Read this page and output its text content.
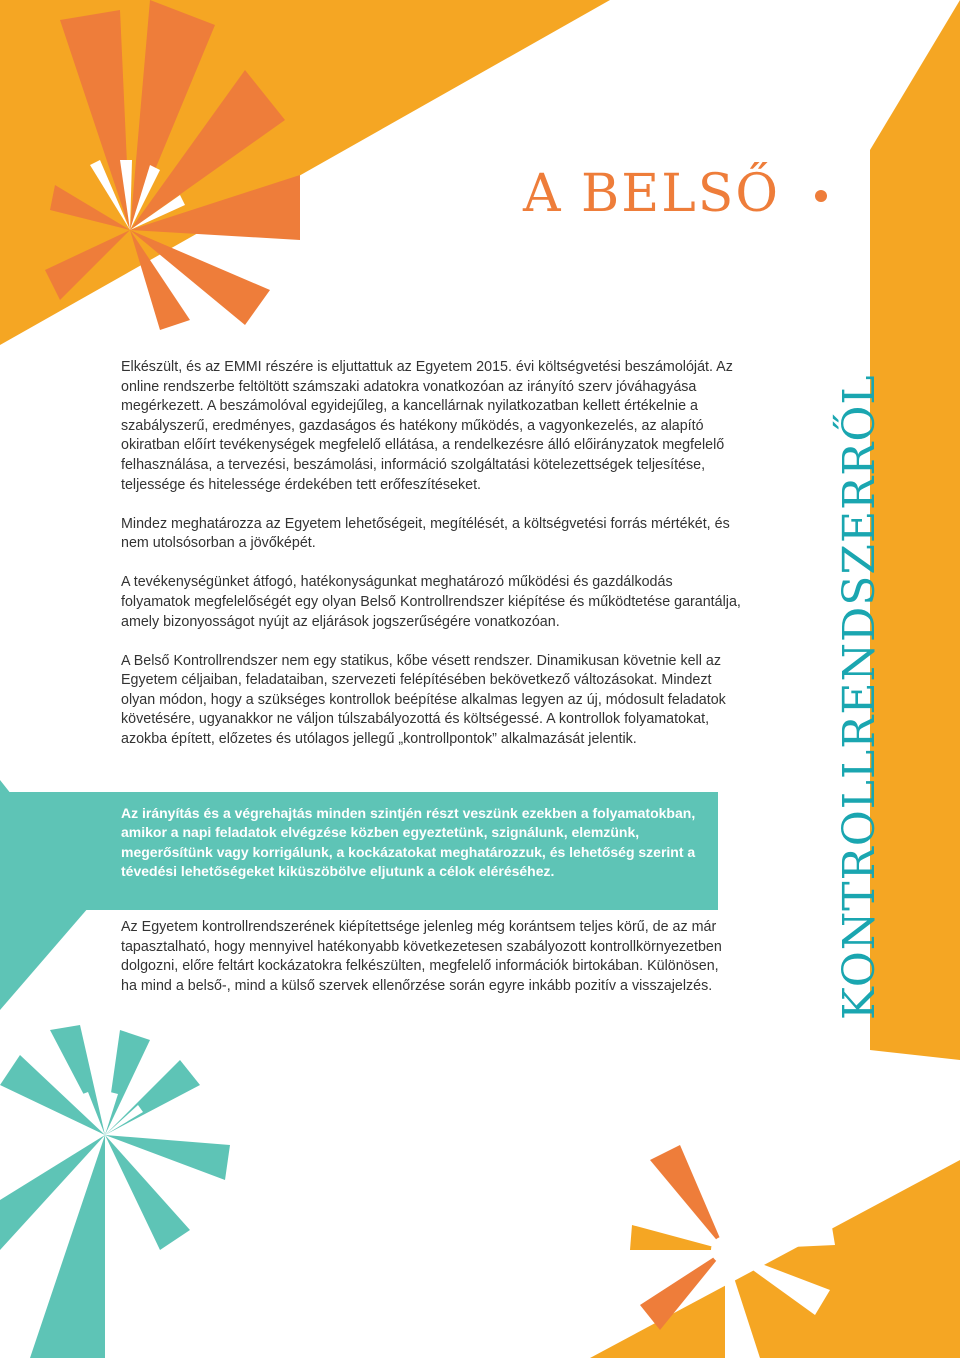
A BELSŐ
KONTROLLRENDSZERRŐL

Elkészült, és az EMMI részére is eljuttattuk az Egyetem 2015. évi költségvetési beszámolóját. Az online rendszerbe feltöltött számszaki adatokra vonatkozóan az irányító szerv jóváhagyása megérkezett. A beszámolóval egyidejűleg, a kancellárnak nyilatkozatban kellett értékelnie a szabályszerű, eredményes, gazdaságos és hatékony működés, a vagyonkezelés, az alapító okiratban előírt tevékenységek megfelelő ellátása, a rendelkezésre álló előirányzatok megfelelő felhasználása, a tervezési, beszámolási, információ szolgáltatási kötelezettségek teljesítése, teljessége és hitelessége érdekében tett erőfeszítéseket.

Mindez meghatározza az Egyetem lehetőségeit, megítélését, a költségvetési forrás mértékét, és nem utolsósorban a jövőképét.

A tevékenységünket átfogó, hatékonyságunkat meghatározó működési és gazdálkodás folyamatok megfelelőségét egy olyan Belső Kontrollrendszer kiépítése és működtetése garantálja, amely bizonyosságot nyújt az eljárások jogszerűségére vonatkozóan.

A Belső Kontrollrendszer nem egy statikus, kőbe vésett rendszer. Dinamikusan követnie kell az Egyetem céljaiban, feladataiban, szervezeti felépítésében bekövetkező változásokat. Mindezt olyan módon, hogy a szükséges kontrollok beépítése alkalmas legyen az új, módosult feladatok követésére, ugyanakkor ne váljon túlszabályozottá és költségessé. A kontrollok folyamatokat, azokba épített, előzetes és utólagos jellegű „kontrollpontok” alkalmazását jelentik.

Az irányítás és a végrehajtás minden szintjén részt veszünk ezekben a folyamatokban, amikor a napi feladatok elvégzése közben egyeztetünk, szignálunk, elemzünk, megerősítünk vagy korrigálunk, a kockázatokat meghatározzuk, és lehetőség szerint a tévedési lehetőségeket kiküszöbölve eljutunk a célok eléréséhez.

Az Egyetem kontrollrendszerének kiépítettsége jelenleg még korántsem teljes körű, de az már tapasztalható, hogy mennyivel hatékonyabb következetesen szabályozott kontrollkörnyezetben dolgozni, előre feltárt kockázatokra felkészülten, megfelelő információk birtokában. Különösen, ha mind a belső-, mind a külső szervek ellenőrzése során egyre inkább pozitív a visszajelzés.
